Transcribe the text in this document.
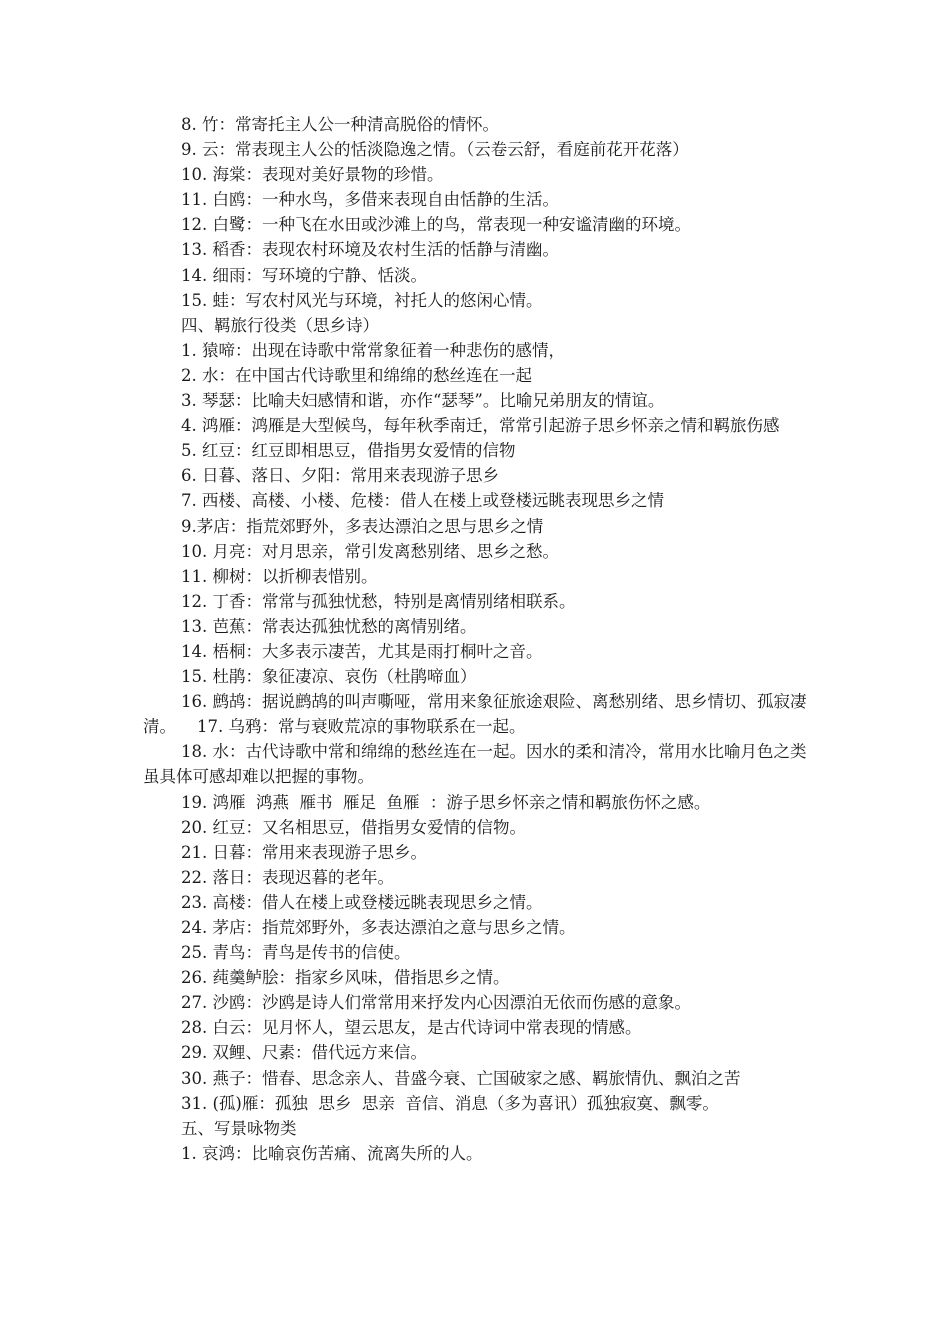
8. 竹：常寄托主人公一种清高脱俗的情怀。

9. 云：常表现主人公的恬淡隐逸之情。（云卷云舒，看庭前花开花落）

10. 海棠：表现对美好景物的珍惜。

11. 白鸥：一种水鸟，多借来表现自由恬静的生活。

12. 白鹭：一种飞在水田或沙滩上的鸟，常表现一种安谧清幽的环境。

13. 稻香：表现农村环境及农村生活的恬静与清幽。

14. 细雨：写环境的宁静、恬淡。

15. 蛙：写农村风光与环境，衬托人的悠闲心情。

四、羁旅行役类（思乡诗）

1. 猿啼：出现在诗歌中常常象征着一种悲伤的感情，

2. 水：在中国古代诗歌里和绵绵的愁丝连在一起

3. 琴瑟：比喻夫妇感情和谐，亦作“瑟琴”。比喻兄弟朋友的情谊。

4. 鸿雁：鸿雁是大型候鸟，每年秋季南迁，常常引起游子思乡怀亲之情和羁旅伤感

5. 红豆：红豆即相思豆，借指男女爱情的信物

6. 日暮、落日、夕阳：常用来表现游子思乡

7. 西楼、高楼、小楼、危楼：借人在楼上或登楼远眺表现思乡之情

9.茅店：指荒郊野外，多表达漂泊之思与思乡之情

10. 月亮：对月思亲，常引发离愁别绪、思乡之愁。

11. 柳树：以折柳表惜别。

12. 丁香：常常与孤独忧愁，特别是离情别绪相联系。

13. 芭蕉：常表达孤独忧愁的离情别绪。

14. 梧桐：大多表示凄苦，尤其是雨打桐叶之音。

15. 杜鹃：象征凄凉、哀伤（杜鹃啼血）

16. 鹧鸪：据说鹧鸪的叫声嘶哑，常用来象征旅途艰险、离愁别绪、思乡情切、孤寂凄清。    17. 乌鸦：常与衰败荒凉的事物联系在一起。

18. 水：古代诗歌中常和绵绵的愁丝连在一起。因水的柔和清冷，常用水比喻月色之类虽具体可感却难以把握的事物。

19. 鸿雁  鸿燕  雁书  雁足  鱼雁  ：游子思乡怀亲之情和羁旅伤怀之感。

20. 红豆：又名相思豆，借指男女爱情的信物。

21. 日暮：常用来表现游子思乡。

22. 落日：表现迟暮的老年。

23. 高楼：借人在楼上或登楼远眺表现思乡之情。

24. 茅店：指荒郊野外，多表达漂泊之意与思乡之情。

25. 青鸟：青鸟是传书的信使。

26. 莼羹鲈脍：指家乡风味，借指思乡之情。

27. 沙鸥：沙鸥是诗人们常常用来抒发内心因漂泊无依而伤感的意象。

28. 白云：见月怀人，望云思友，是古代诗词中常表现的情感。

29. 双鲤、尺素：借代远方来信。

30. 燕子：惜春、思念亲人、昔盛今衰、亡国破家之感、羁旅情仇、飘泊之苦

31. (孤)雁：孤独  思乡  思亲  音信、消息（多为喜讯）孤独寂寞、飘零。

五、写景咏物类

1. 哀鸿：比喻哀伤苦痛、流离失所的人。
